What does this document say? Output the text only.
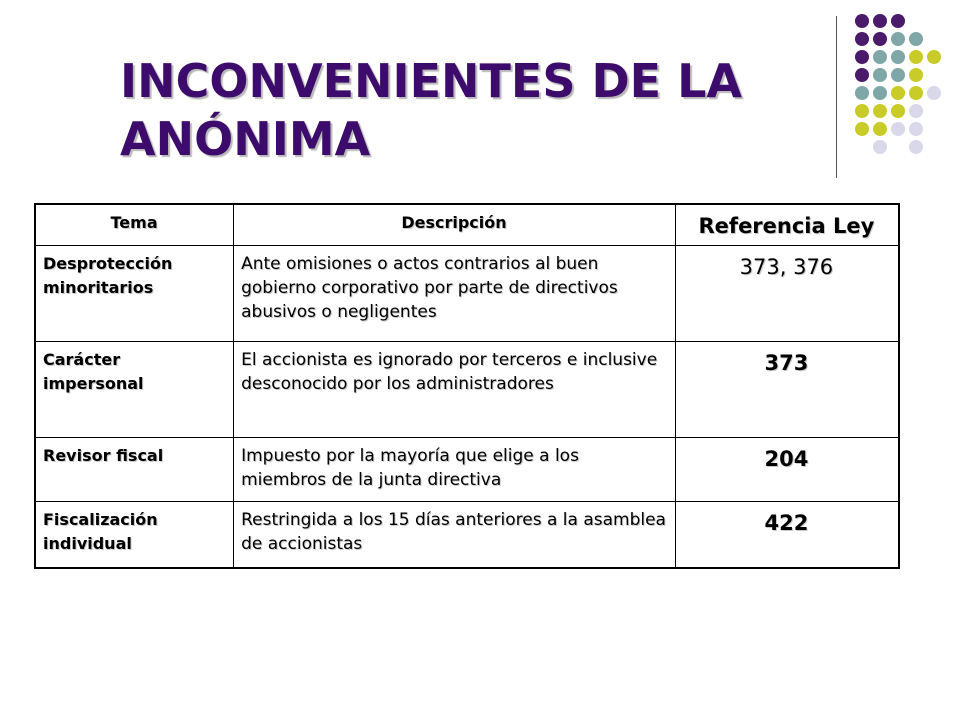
INCONVENIENTES DE LA ANÓNIMA
Tema	Descripción	Referencia Ley
Desprotección minoritarios	Ante omisiones o actos contrarios al buen gobierno corporativo por parte de directivos abusivos o negligentes	373, 376
Carácter impersonal	El accionista es ignorado por terceros e inclusive desconocido por los administradores	373
Revisor fiscal	Impuesto por la mayoría que elige a los miembros de la junta directiva	204
Fiscalización individual	Restringida a los 15 días anteriores a la asamblea de accionistas	422
